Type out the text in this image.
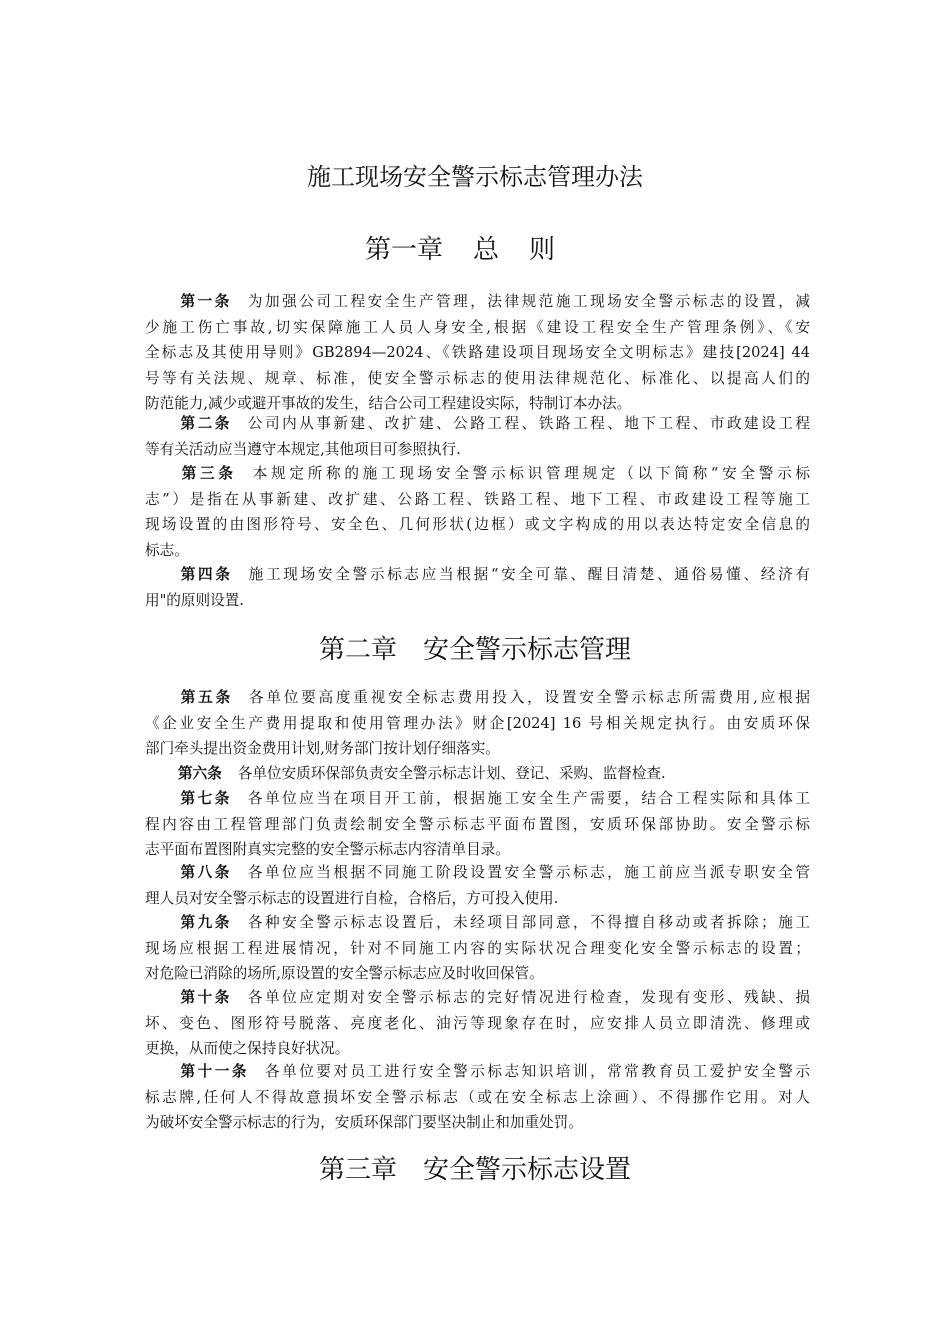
施工现场安全警示标志管理办法
第一章 总则
第一条 为加强公司工程安全生产管理，法律规范施工现场安全警示标志的设置，减
少施工伤亡事故,切实保障施工人员人身安全,根据《建设工程安全生产管理条例》、《安
全标志及其使用导则》GB2894—2024、《铁路建设项目现场安全文明标志》建技[2024] 44
号等有关法规、规章、标准，使安全警示标志的使用法律规范化、标准化、以提高人们的
防范能力,减少或避开事故的发生，结合公司工程建设实际，特制订本办法。
第二条 公司内从事新建、改扩建、公路工程、铁路工程、地下工程、市政建设工程
等有关活动应当遵守本规定,其他项目可参照执行.
第三条 本规定所称的施工现场安全警示标识管理规定（以下简称“安全警示标
志”）是指在从事新建、改扩建、公路工程、铁路工程、地下工程、市政建设工程等施工
现场设置的由图形符号、安全色、几何形状(边框）或文字构成的用以表达特定安全信息的
标志。
第四条 施工现场安全警示标志应当根据“安全可靠、醒目清楚、通俗易懂、经济有
用"的原则设置.
第二章 安全警示标志管理
第五条 各单位要高度重视安全标志费用投入，设置安全警示标志所需费用,应根据
《企业安全生产费用提取和使用管理办法》财企[2024] 16 号相关规定执行。由安质环保
部门牵头提出资金费用计划,财务部门按计划仔细落实。
第六条 各单位安质环保部负责安全警示标志计划、登记、采购、监督检查.
第七条 各单位应当在项目开工前，根据施工安全生产需要，结合工程实际和具体工
程内容由工程管理部门负责绘制安全警示标志平面布置图，安质环保部协助。安全警示标
志平面布置图附真实完整的安全警示标志内容清单目录。
第八条 各单位应当根据不同施工阶段设置安全警示标志，施工前应当派专职安全管
理人员对安全警示标志的设置进行自检，合格后，方可投入使用.
第九条 各种安全警示标志设置后，未经项目部同意，不得擅自移动或者拆除；施工
现场应根据工程进展情况，针对不同施工内容的实际状况合理变化安全警示标志的设置；
对危险已消除的场所,原设置的安全警示标志应及时收回保管。
第十条 各单位应定期对安全警示标志的完好情况进行检查，发现有变形、残缺、损
坏、变色、图形符号脱落、亮度老化、油污等现象存在时，应安排人员立即清洗、修理或
更换，从而使之保持良好状况。
第十一条 各单位要对员工进行安全警示标志知识培训，常常教育员工爱护安全警示
标志牌,任何人不得故意损坏安全警示标志（或在安全标志上涂画）、不得挪作它用。对人
为破坏安全警示标志的行为，安质环保部门要坚决制止和加重处罚。
第三章 安全警示标志设置
